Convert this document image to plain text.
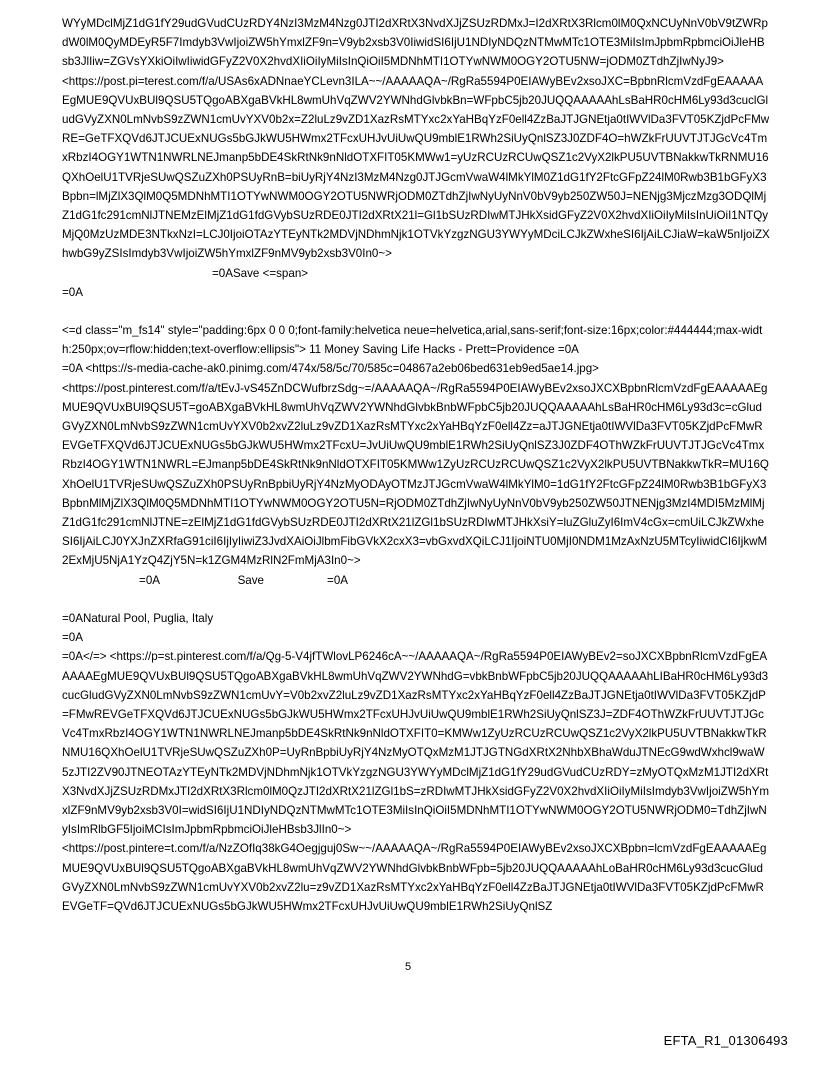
WYyMDclMjZ1dG1fY29udGVudCUzRDY4NzI3MzM4Nzg0JTI2dXRtX3NvdXJjZSUzRDMxJ=I2dXRtX3Rlcm0lM0QxNCUyNnV0bV9tZWRpdW0lM0QyMDEyR5F7Imdyb3VwIjoiZW5hYmxlZF9n=V9yb2xsb3V0IiwidSI6IjU1NDIyNDQzNTMwMTc1OTE3MiIsImJpbmRpbmciOiJleHBsb3JlIiw=ZGVsYXkiOiIwIiwidGFyZ2V0X2hvdXIiOiIyMiIsInQiOiI5MDNhMTI1OTYwNWM0OGY2OTU5NW=jODM0ZTdhZjIwNyJ9>
<https://post.pi=terest.com/f/a/USAs6xADNnaeYCLevn3ILA~~/AAAAAQA~/RgRa5594P0EIAWyBEv2xsoJXC=BpbnRlcmVzdFgEAAAAAEgMUE9QVUxBUl9QSU5TQgoABXgaBVkHL8wmUhVqZWV2YWNhdGlvbkBn=WFpbC5jb20JUQQAAAAAhLsBaHR0cHM6Ly93d3cuclGludGVyZXN0LmNvbS9zZWN1cmUvYXV0b2x=Z2luLz9vZD1XazRsMTYxc2xYaHBqYzF0ell4ZzBaJTJGNEtja0tIWVlDa3FVT05KZjdPcFMwRE=GeTFXQVd6JTJCUExNUGs5bGJkWU5HWmx2TFcxUHJvUiUwQU9mblE1RWh2SiUyQnlSZ3J0ZDF4O=hWZkFrUUVTJTJGcVc4TmxRbzI4OGY1WTN1NWRLNEJmanp5bDE4SkRtNk9nNldOTXFIT05KMWw1=yUzRCUzRCUwQSZ1c2VyX2lkPU5UVTBNakkwTkRNMU16QXhOelU1TVRjeSUwQSZuZXh0PSUyRnB=biUyRjY4NzI3MzM4Nzg0JTJGcmVwaW4lMkYlM0Z1dG1fY2FtcGFpZ24lM0Rwb3B1bGFyX3Bpbn=lMjZlX3QlM0Q5MDNhMTI1OTYwNWM0OGY2OTU5NWRjODM0ZTdhZjIwNyUyNnV0bV9yb250ZW50J=NENjg3MjczMzg3ODQlMjZ1dG1fc291cmNlJTNEMzElMjZ1dG1fdGVybSUzRDE0JTI2dXRtX21l=Gl1bSUzRDIwMTJHkXsidGFyZ2V0X2hvdXIiOiIyMiIsInUiOiI1NTQyMjQ0MzUzMDE3NTkxNzI=LCJ0IjoiOTAzYTEyNTk2MDVjNDhmNjk1OTVkYzgzNGU3YWYyMDciLCJkZWxheSI6IjAiLCJiaW=kaW5nIjoiZXhwbG9yZSIsImdyb3VwIjoiZW5hYmxlZF9nMV9yb2xsb3V0In0~>
=0ASave <=span>
=0A
<=d class="m_fs14" style="padding:6px 0 0 0;font-family:helvetica neue=helvetica,arial,sans-serif;font-size:16px;color:#444444;max-width:250px;ov=rflow:hidden;text-overflow:ellipsis"> 11 Money Saving Life Hacks - Prett=Providence =0A
=0A <https://s-media-cache-ak0.pinimg.com/474x/58/5c/70/585c=04867a2eb06bed631eb9ed5ae14.jpg>
<https://post.pinterest.com/f/a/tEvJ-vS45ZnDCWufbrzSdg~=/AAAAAQA~/RgRa5594P0EIAWyBEv2xsoJXCXBpbnRlcmVzdFgEAAAAAEgMUE9QVUxBUl9QSU5T=goABXgaBVkHL8wmUhVqZWV2YWNhdGlvbkBnbWFpbC5jb20JUQQAAAAAhLsBaHR0cHM6Ly93d3c=cGludGVyZXN0LmNvbS9zZWN1cmUvYXV0b2xvZ2luLz9vZD1XazRsMTYxc2xYaHBqYzF0ell4Zz=aJTJGNEtja0tIWVlDa3FVT05KZjdPcFMwREVGeTFXQVd6JTJCUExNUGs5bGJkWU5HWmx2TFcxU=JvUiUwQU9mblE1RWh2SiUyQnlSZ3J0ZDF4OThWZkFrUUVTJTJGcVc4TmxRbzI4OGY1WTN1NWRL=EJmanp5bDE4SkRtNk9nNldOTXFIT05KMWw1ZyUzRCUzRCUwQSZ1c2VyX2lkPU5UVTBNakkwTkR=MU16QXhOelU1TVRjeSUwQSZuZXh0PSUyRnBpbiUyRjY4NzMyODAyOTMzJTJGcmVwaW4lMkYlM0=1dG1fY2FtcGFpZ24lM0Rwb3B1bGFyX3BpbnMlMjZlX3QlM0Q5MDNhMTI1OTYwNWM0OGY2OTU5N=RjODM0ZTdhZjIwNyUyNnV0bV9yb250ZW50JTNENjg3MzI4MDI5MzMlMjZ1dG1fc291cmNlJTNE=zElMjZ1dG1fdGVybSUzRDE0JTI2dXRtX21lZGl1bSUzRDIwMTJHkXsiY=luZGluZyI6ImV4cGx=cmUiLCJkZWxheSI6IjAiLCJ0YXJnZXRfaG91ciI6IjIyIiwiZ3JvdXAiOiJlbmFibGVkX2cxX3=vbGxvdXQiLCJ1IjoiNTU0MjI0NDM1MzAxNzU5MTcyIiwidCI6IjkwM2ExMjU5NjA1YzQ4ZjY5N=k1ZGM4MzRlN2FmMjA3In0~>
=0A	Save	=0A
=0ANatural Pool, Puglia, Italy
=0A
=0A</=> <https://p=st.pinterest.com/f/a/Qg-5-V4jfTWlovLP6246cA~~/AAAAAQA~/RgRa5594P0EIAWyBEv2=soJXCXBpbnRlcmVzdFgEAAAAAEgMUE9QVUxBUl9QSU5TQgoABXgaBVkHL8wmUhVqZWV2YWNhdG=vbkBnbWFpbC5jb20JUQQAAAAAhLIBaHR0cHM6Ly93d3cucGludGVyZXN0LmNvbS9zZWN1cmUvY=V0b2xvZ2luLz9vZD1XazRsMTYxc2xYaHBqYzF0ell4ZzBaJTJGNEtja0tIWVlDa3FVT05KZjdP=FMwREVGeTFXQVd6JTJCUExNUGs5bGJkWU5HWmx2TFcxUHJvUiUwQU9mblE1RWh2SiUyQnlSZ3J=ZDF4OThWZkFrUUVTJTJGcVc4TmxRbzI4OGY1WTN1NWRLNEJmanp5bDE4SkRtNk9nNldOTXFIT0=KMWw1ZyUzRCUzRCUwQSZ1c2VyX2lkPU5UVTBNakkwTkRNMU16QXhOelU1TVRjeSUwQSZuZXh0P=UyRnBpbiUyRjY4NzMyOTQxMzM1JTJGTNGdXRtX2NhbXBhaWduJTNEcG9wdWxhcl9waW5zJTI2ZV90JTNEOTAzYTEyNTk2MDVjNDhmNjk1OTVkYzgzNGU3YWYyMDclMjZ1dG1fY29udGVudCUzRDY=zMyOTQxMzM1JTI2dXRtX3NvdXJjZSUzRDMxJTI2dXRtX3Rlcm0lM0QzJTI2dXRtX21lZGl1bS=zRDIwMTJHkXsidGFyZ2V0X2hvdXIiOiIyMiIsImdyb3VwIjoiZW5hYmxlZF9nMV9yb2xsb3V0I=widSI6IjU1NDIyNDQzNTMwMTc1OTE3MiIsInQiOiI5MDNhMTI1OTYwNWM0OGY2OTU5NWRjODM0=TdhZjIwNyIsImRlbGF5IjoiMCIsImJpbmRpbmciOiJleHBsb3JlIn0~>
<https://post.pintere=t.com/f/a/NzZOfIq38kG4Oegjguj0Sw~~/AAAAAQA~/RgRa5594P0EIAWyBEv2xsoJXCXBpbn=lcmVzdFgEAAAAAEgMUE9QVUxBUl9QSU5TQgoABXgaBVkHL8wmUhVqZWV2YWNhdGlvbkBnbWFpb=5jb20JUQQAAAAAhLoBaHR0cHM6Ly93d3cucGludGVyZXN0LmNvbS9zZWN1cmUvYXV0b2xvZ2lu=z9vZD1XazRsMTYxc2xYaHBqYzF0ell4ZzBaJTJGNEtja0tIWVlDa3FVT05KZjdPcFMwREVGeTF=QVd6JTJCUExNUGs5bGJkWU5HWmx2TFcxUHJvUiUwQU9mblE1RWh2SiUyQnlSZ
5
EFTA_R1_01306493
